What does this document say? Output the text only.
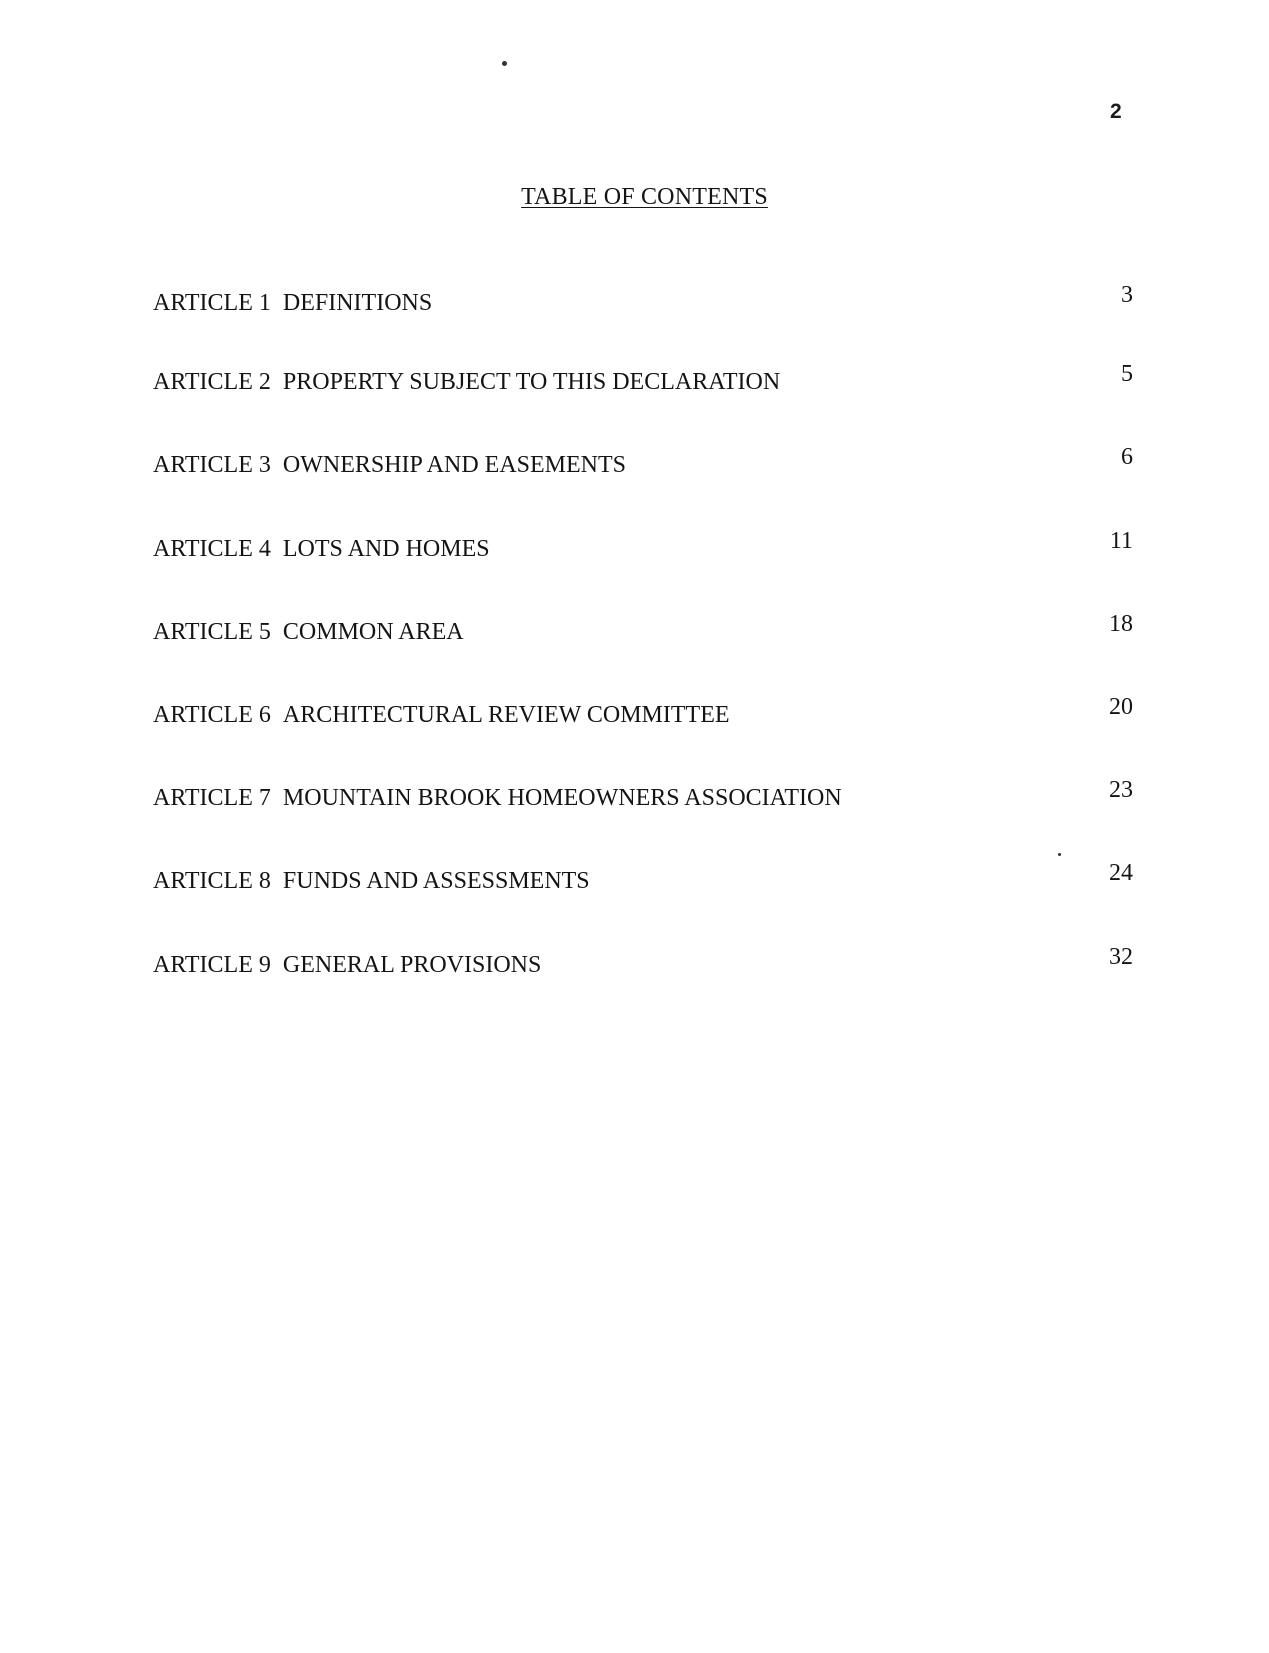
2
TABLE OF CONTENTS
ARTICLE 1 DEFINITIONS	3
ARTICLE 2 PROPERTY SUBJECT TO THIS DECLARATION	5
ARTICLE 3 OWNERSHIP AND EASEMENTS	6
ARTICLE 4 LOTS AND HOMES	11
ARTICLE 5 COMMON AREA	18
ARTICLE 6 ARCHITECTURAL REVIEW COMMITTEE	20
ARTICLE 7 MOUNTAIN BROOK HOMEOWNERS ASSOCIATION	23
ARTICLE 8 FUNDS AND ASSESSMENTS	24
ARTICLE 9 GENERAL PROVISIONS	32
